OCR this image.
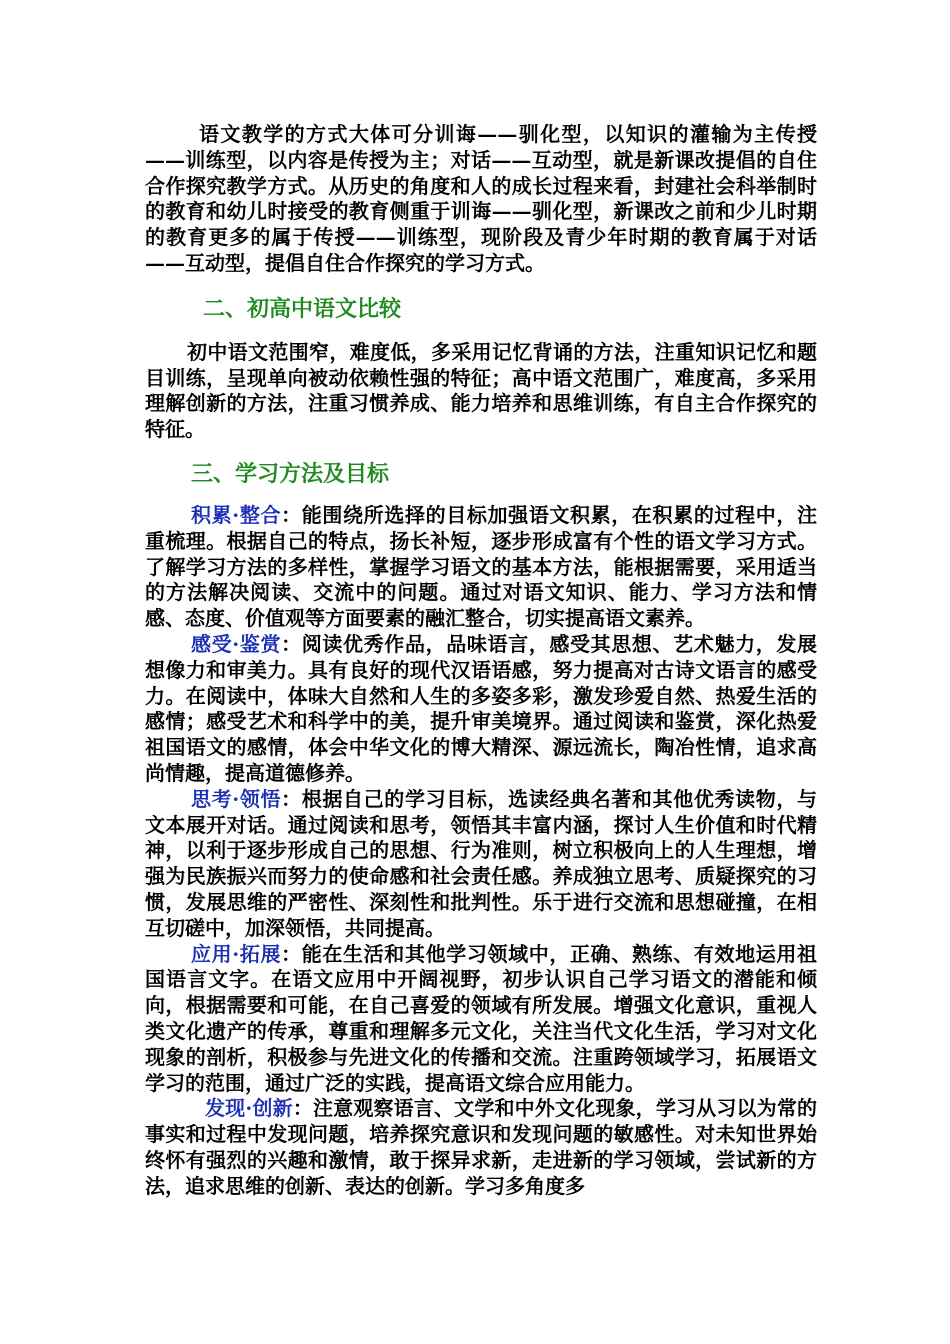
语文教学的方式大体可分训诲——驯化型，以知识的灌输为主传授——训练型，以内容是传授为主；对话——互动型，就是新课改提倡的自住合作探究教学方式。从历史的角度和人的成长过程来看，封建社会科举制时的教育和幼儿时接受的教育侧重于训诲——驯化型，新课改之前和少儿时期的教育更多的属于传授——训练型，现阶段及青少年时期的教育属于对话——互动型，提倡自住合作探究的学习方式。

二、初高中语文比较

初中语文范围窄，难度低，多采用记忆背诵的方法，注重知识记忆和题目训练，呈现单向被动依赖性强的特征；高中语文范围广，难度高，多采用理解创新的方法，注重习惯养成、能力培养和思维训练，有自主合作探究的特征。

三、学习方法及目标

积累·整合：能围绕所选择的目标加强语文积累，在积累的过程中，注重梳理。根据自己的特点，扬长补短，逐步形成富有个性的语文学习方式。了解学习方法的多样性，掌握学习语文的基本方法，能根据需要，采用适当的方法解决阅读、交流中的问题。通过对语文知识、能力、学习方法和情感、态度、价值观等方面要素的融汇整合，切实提高语文素养。

感受·鉴赏：阅读优秀作品，品味语言，感受其思想、艺术魅力，发展想像力和审美力。具有良好的现代汉语语感，努力提高对古诗文语言的感受力。在阅读中，体味大自然和人生的多姿多彩，激发珍爱自然、热爱生活的感情；感受艺术和科学中的美，提升审美境界。通过阅读和鉴赏，深化热爱祖国语文的感情，体会中华文化的博大精深、源远流长，陶冶性情，追求高尚情趣，提高道德修养。

思考·领悟：根据自己的学习目标，选读经典名著和其他优秀读物，与文本展开对话。通过阅读和思考，领悟其丰富内涵，探讨人生价值和时代精神，以利于逐步形成自己的思想、行为准则，树立积极向上的人生理想，增强为民族振兴而努力的使命感和社会责任感。养成独立思考、质疑探究的习惯，发展思维的严密性、深刻性和批判性。乐于进行交流和思想碰撞，在相互切磋中，加深领悟，共同提高。

应用·拓展：能在生活和其他学习领域中，正确、熟练、有效地运用祖国语言文字。在语文应用中开阔视野，初步认识自己学习语文的潜能和倾向，根据需要和可能，在自己喜爱的领域有所发展。增强文化意识，重视人类文化遗产的传承，尊重和理解多元文化，关注当代文化生活，学习对文化现象的剖析，积极参与先进文化的传播和交流。注重跨领域学习，拓展语文学习的范围，通过广泛的实践，提高语文综合应用能力。

发现·创新：注意观察语言、文学和中外文化现象，学习从习以为常的事实和过程中发现问题，培养探究意识和发现问题的敏感性。对未知世界始终怀有强烈的兴趣和激情，敢于探异求新，走进新的学习领域，尝试新的方法，追求思维的创新、表达的创新。学习多角度多
